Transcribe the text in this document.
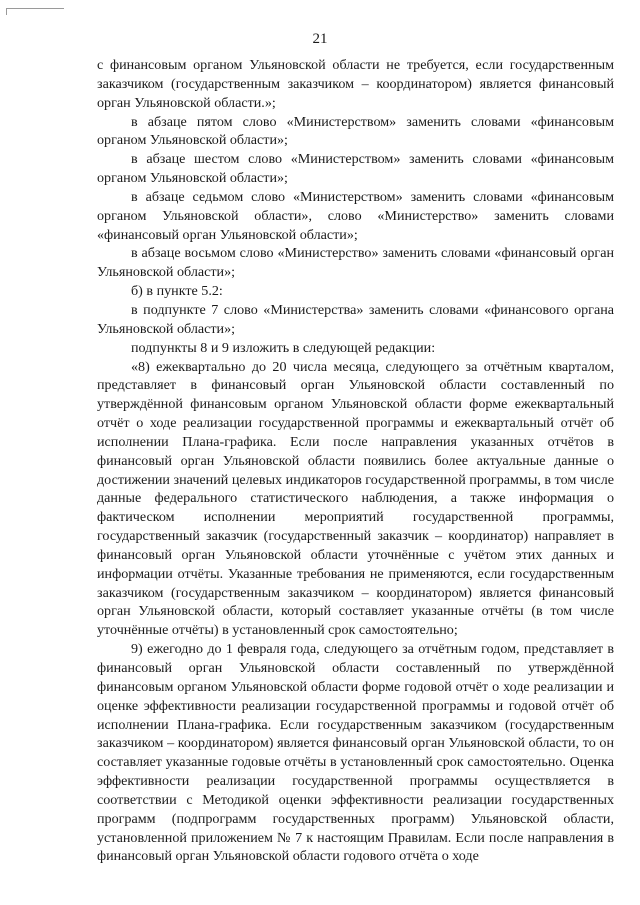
21

с финансовым органом Ульяновской области не требуется, если государственным заказчиком (государственным заказчиком – координатором) является финансовый орган Ульяновской области.»;

в абзаце пятом слово «Министерством» заменить словами «финансовым органом Ульяновской области»;

в абзаце шестом слово «Министерством» заменить словами «финансовым органом Ульяновской области»;

в абзаце седьмом слово «Министерством» заменить словами «финансовым органом Ульяновской области», слово «Министерство» заменить словами «финансовый орган Ульяновской области»;

в абзаце восьмом слово «Министерство» заменить словами «финансовый орган Ульяновской области»;

б) в пункте 5.2:

в подпункте 7 слово «Министерства» заменить словами «финансового органа Ульяновской области»;

подпункты 8 и 9 изложить в следующей редакции:

«8) ежеквартально до 20 числа месяца, следующего за отчётным кварталом, представляет в финансовый орган Ульяновской области составленный по утверждённой финансовым органом Ульяновской области форме ежеквартальный отчёт о ходе реализации государственной программы и ежеквартальный отчёт об исполнении Плана-графика. Если после направления указанных отчётов в финансовый орган Ульяновской области появились более актуальные данные о достижении значений целевых индикаторов государственной программы, в том числе данные федерального статистического наблюдения, а также информация о фактическом исполнении мероприятий государственной программы, государственный заказчик (государственный заказчик – координатор) направляет в финансовый орган Ульяновской области уточнённые с учётом этих данных и информации отчёты. Указанные требования не применяются, если государственным заказчиком (государственным заказчиком – координатором) является финансовый орган Ульяновской области, который составляет указанные отчёты (в том числе уточнённые отчёты) в установленный срок самостоятельно;

9) ежегодно до 1 февраля года, следующего за отчётным годом, представляет в финансовый орган Ульяновской области составленный по утверждённой финансовым органом Ульяновской области форме годовой отчёт о ходе реализации и оценке эффективности реализации государственной программы и годовой отчёт об исполнении Плана-графика. Если государственным заказчиком (государственным заказчиком – координатором) является финансовый орган Ульяновской области, то он составляет указанные годовые отчёты в установленный срок самостоятельно. Оценка эффективности реализации государственной программы осуществляется в соответствии с Методикой оценки эффективности реализации государственных программ (подпрограмм государственных программ) Ульяновской области, установленной приложением № 7 к настоящим Правилам. Если после направления в финансовый орган Ульяновской области годового отчёта о ходе
